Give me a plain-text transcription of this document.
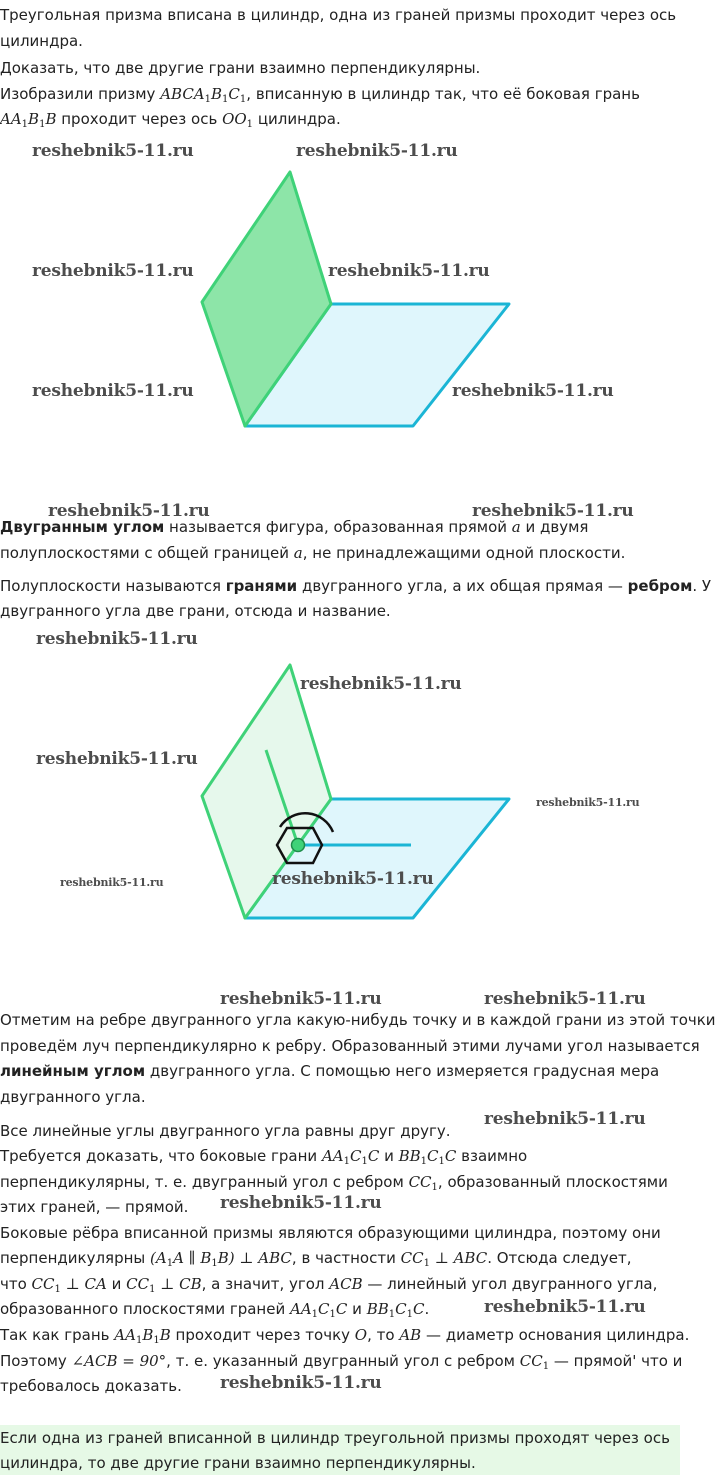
Треугольная призма вписана в цилиндр, одна из граней призмы проходит через ось

цилиндра.

Доказать, что две другие грани взаимно перпендикулярны.

Изобразили призму $ABCA_1B_1C_1$, вписанную в цилиндр так, что её боковая грань

$AA_1B_1B$ проходит через ось $OO_1$ цилиндра.

Двугранным углом называется фигура, образованная прямой a и двумя

полуплоскостями с общей границей a, не принадлежащими одной плоскости.

Полуплоскости называются гранями двугранного угла, а их общая прямая — ребром. У

двугранного угла две грани, отсюда и название.

Отметим на ребре двугранного угла какую-нибудь точку и в каждой грани из этой точки

проведём луч перпендикулярно к ребру. Образованный этими лучами угол называется

линейным углом двугранного угла. С помощью него измеряется градусная мера

двугранного угла.

Все линейные углы двугранного угла равны друг другу.

Требуется доказать, что боковые грани $AA_1C_1C$ и $BB_1C_1C$ взаимно

перпендикулярны, т. е. двугранный угол с ребром $CC_1$, образованный плоскостями

этих граней, — прямой.

Боковые рёбра вписанной призмы являются образующими цилиндра, поэтому они

перпендикулярны ($A_1A$ ∥ $B_1B$) ⊥ ABC, в частности $CC_1$ ⊥ ABC. Отсюда следует,

что $CC_1$ ⊥ CA и $CC_1$ ⊥ CB, а значит, угол ACB — линейный угол двугранного угла,

образованного плоскостями граней $AA_1C_1C$ и $BB_1C_1C$.

Так как грань $AA_1B_1B$ проходит через точку O, то AB — диаметр основания цилиндра.

Поэтому ∠ACB = 90°, т. е. указанный двугранный угол с ребром $CC_1$ — прямой' что и

требовалось доказать.

Если одна из граней вписанной в цилиндр треугольной призмы проходят через ось

цилиндра, то две другие грани взаимно перпендикулярны.

reshebnik5-11.ru	reshebnik5-11.ru
reshebnik5-11.ru	reshebnik5-11.ru
reshebnik5-11.ru	reshebnik5-11.ru
reshebnik5-11.ru	reshebnik5-11.ru
reshebnik5-11.ru
reshebnik5-11.ru
reshebnik5-11.ru
reshebnik5-11.ru
reshebnik5-11.ru	reshebnik5-11.ru
reshebnik5-11.ru	reshebnik5-11.ru
reshebnik5-11.ru
reshebnik5-11.ru
reshebnik5-11.ru
reshebnik5-11.ru
